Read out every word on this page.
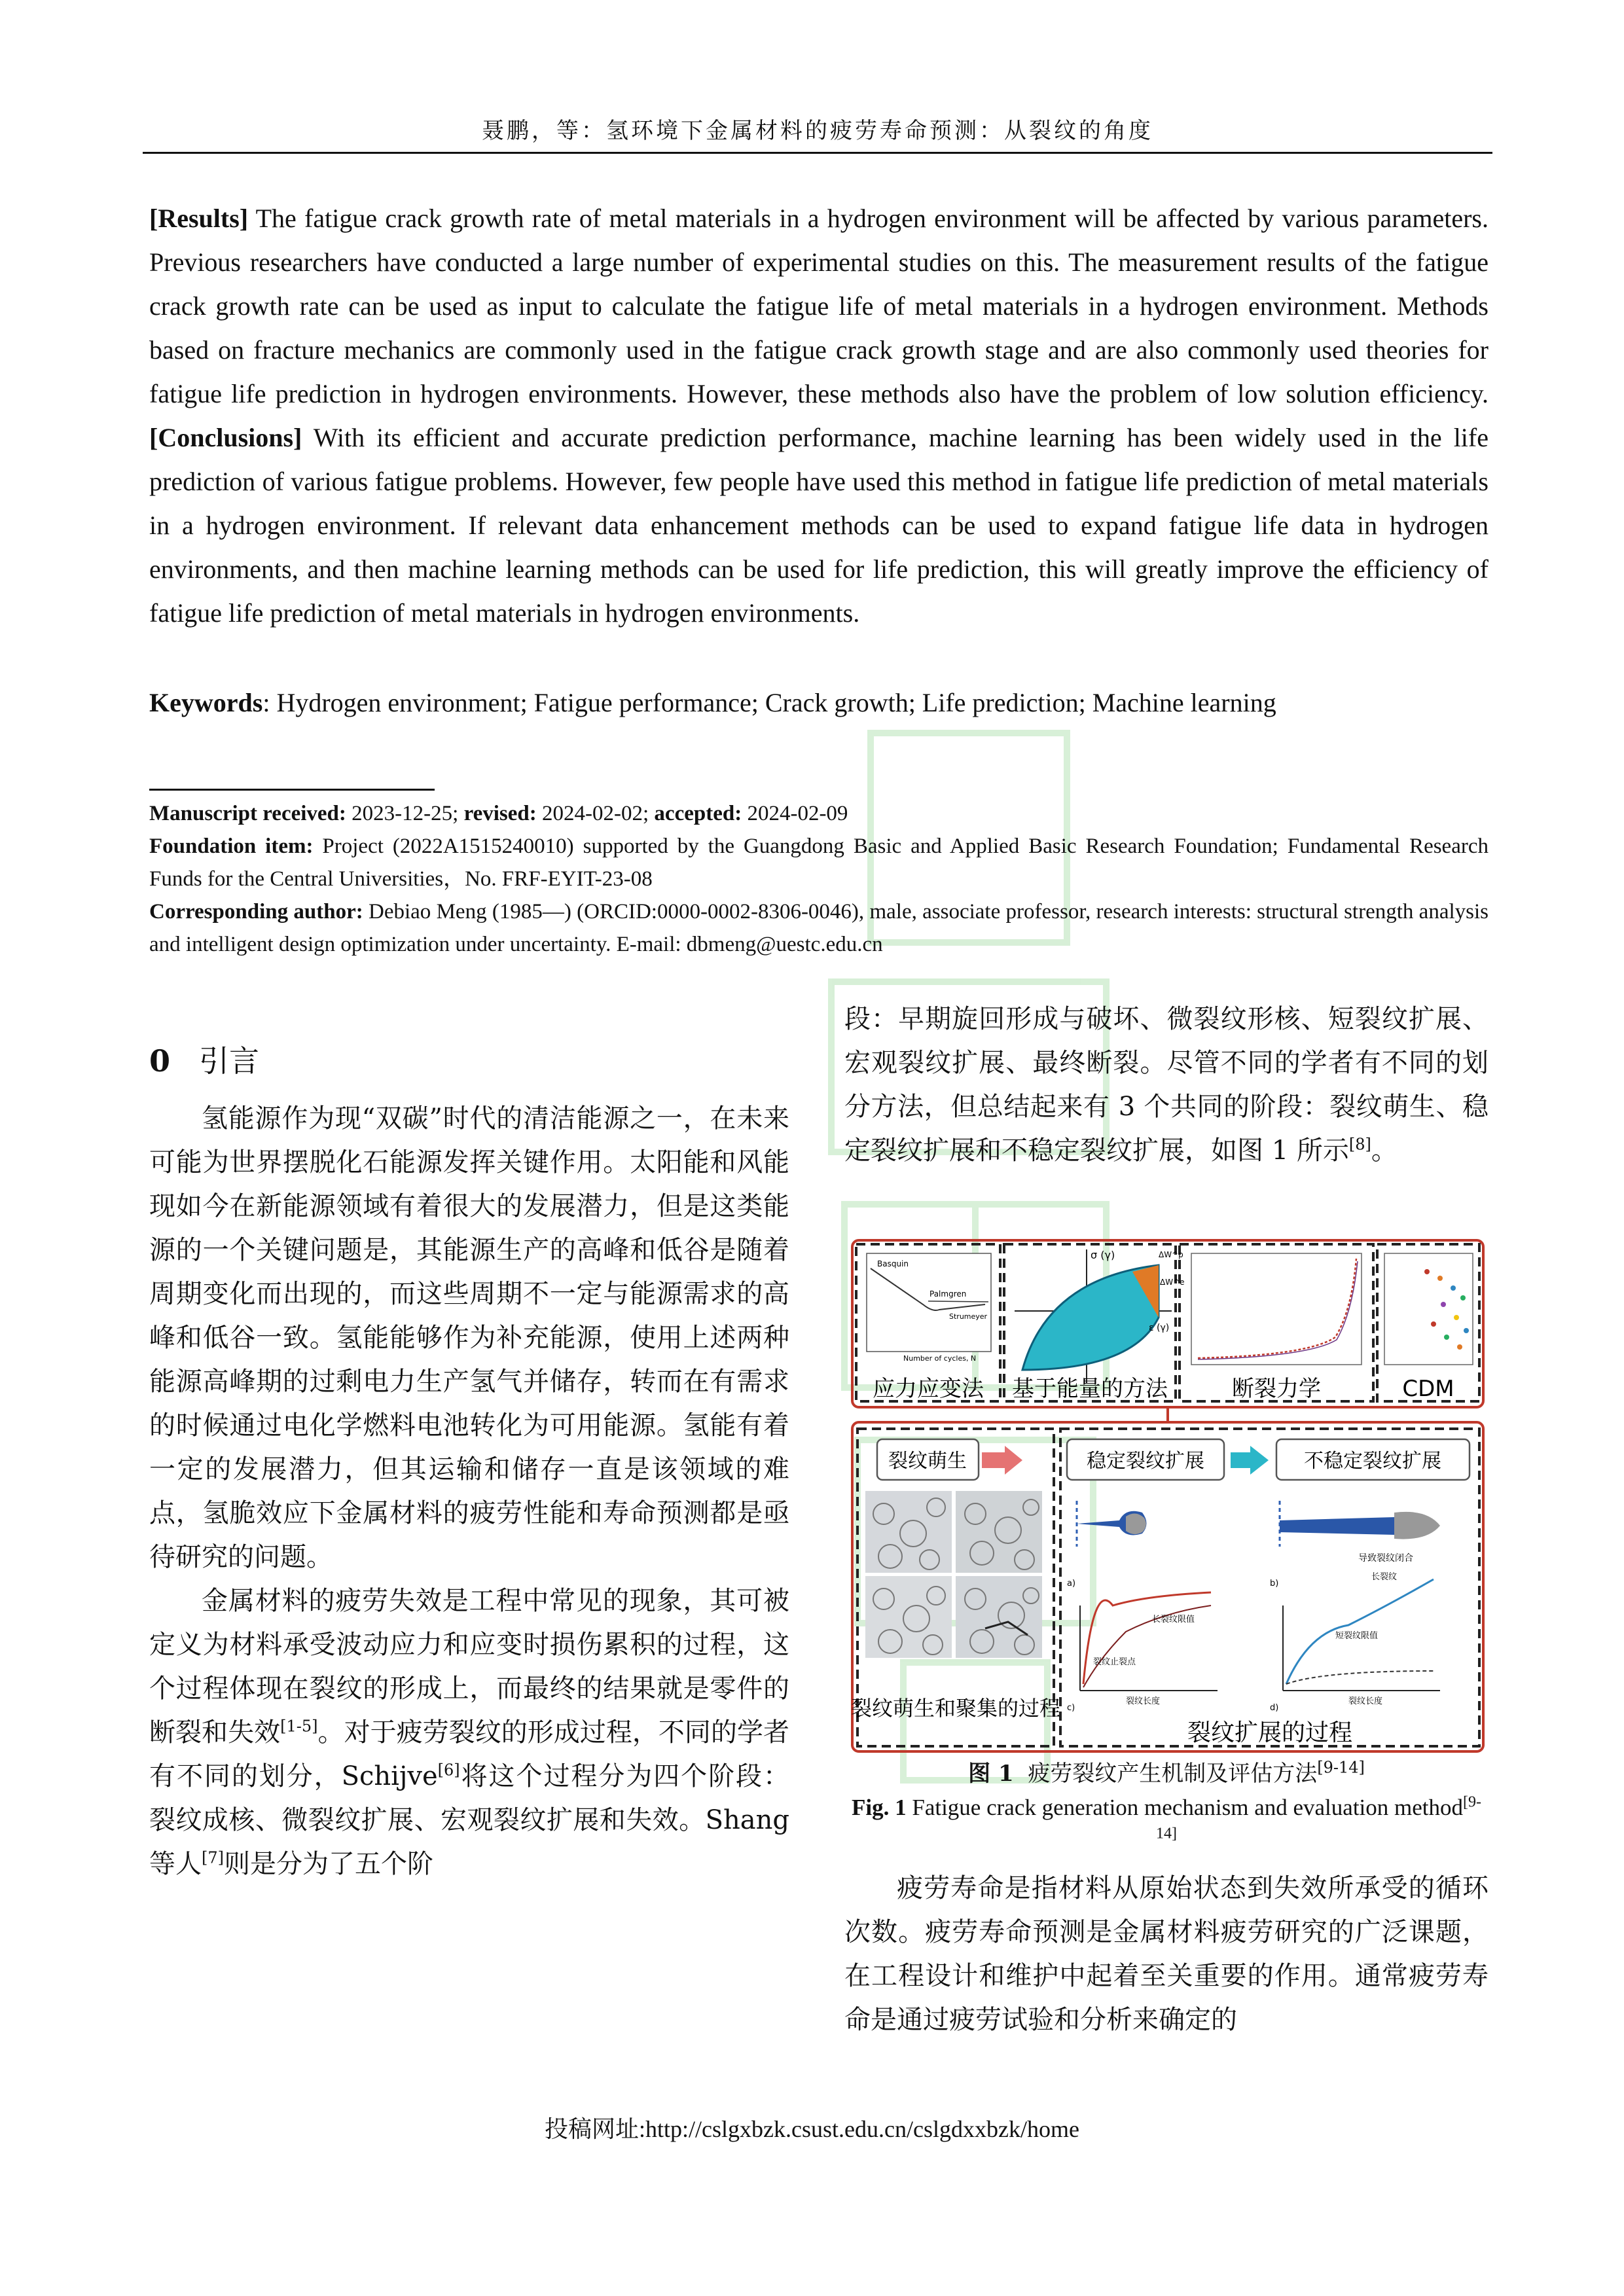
聂鹏，等：氢环境下金属材料的疲劳寿命预测：从裂纹的角度
[Results] The fatigue crack growth rate of metal materials in a hydrogen environment will be affected by various parameters. Previous researchers have conducted a large number of experimental studies on this. The measurement results of the fatigue crack growth rate can be used as input to calculate the fatigue life of metal materials in a hydrogen environment. Methods based on fracture mechanics are commonly used in the fatigue crack growth stage and are also commonly used theories for fatigue life prediction in hydrogen environments. However, these methods also have the problem of low solution efficiency. [Conclusions] With its efficient and accurate prediction performance, machine learning has been widely used in the life prediction of various fatigue problems. However, few people have used this method in fatigue life prediction of metal materials in a hydrogen environment. If relevant data enhancement methods can be used to expand fatigue life data in hydrogen environments, and then machine learning methods can be used for life prediction, this will greatly improve the efficiency of fatigue life prediction of metal materials in hydrogen environments.
Keywords: Hydrogen environment; Fatigue performance; Crack growth; Life prediction; Machine learning
Manuscript received: 2023-12-25; revised: 2024-02-02; accepted: 2024-02-09
Foundation item: Project (2022A1515240010) supported by the Guangdong Basic and Applied Basic Research Foundation; Fundamental Research Funds for the Central Universities，No. FRF-EYIT-23-08
Corresponding author: Debiao Meng (1985—) (ORCID:0000-0002-8306-0046), male, associate professor, research interests: structural strength analysis and intelligent design optimization under uncertainty. E-mail: dbmeng@uestc.edu.cn
0 引言

氢能源作为现“双碳”时代的清洁能源之一，在未来可能为世界摆脱化石能源发挥关键作用。太阳能和风能现如今在新能源领域有着很大的发展潜力，但是这类能源的一个关键问题是，其能源生产的高峰和低谷是随着周期变化而出现的，而这些周期不一定与能源需求的高峰和低谷一致。氢能能够作为补充能源，使用上述两种能源高峰期的过剩电力生产氢气并储存，转而在有需求的时候通过电化学燃料电池转化为可用能源。氢能有着一定的发展潜力，但其运输和储存一直是该领域的难点，氢脆效应下金属材料的疲劳性能和寿命预测都是亟待研究的问题。

金属材料的疲劳失效是工程中常见的现象，其可被定义为材料承受波动应力和应变时损伤累积的过程，这个过程体现在裂纹的形成上，而最终的结果就是零件的断裂和失效[1-5]。对于疲劳裂纹的形成过程，不同的学者有不同的划分，Schijve[6]将这个过程分为四个阶段：裂纹成核、微裂纹扩展、宏观裂纹扩展和失效。Shang 等人[7]则是分为了五个阶

段：早期旋回形成与破坏、微裂纹形核、短裂纹扩展、宏观裂纹扩展、最终断裂。尽管不同的学者有不同的划分方法，但总结起来有 3 个共同的阶段：裂纹萌生、稳定裂纹扩展和不稳定裂纹扩展，如图 1 所示[8]。

Basquin
Palmgren
Strumeyer
Number of cycles, N
σ (γ)
ε (γ)
ΔW^p
ΔW^e
应力应变法 基于能量的方法	断裂力学	CDM
裂纹萌生	稳定裂纹扩展	不稳定裂纹扩展
导致裂纹闭合
长裂纹限值
裂纹止裂点
裂纹长度
a)
c)
长裂纹
短裂纹限值
裂纹长度
b)
d)
裂纹萌生和聚集的过程
裂纹扩展的过程
图 1 疲劳裂纹产生机制及评估方法[9-14]
Fig. 1 Fatigue crack generation mechanism and evaluation method[9-14]

疲劳寿命是指材料从原始状态到失效所承受的循环次数。疲劳寿命预测是金属材料疲劳研究的广泛课题，在工程设计和维护中起着至关重要的作用。通常疲劳寿命是通过疲劳试验和分析来确定的

投稿网址:http://cslgxbzk.csust.edu.cn/cslgdxxbzk/home
